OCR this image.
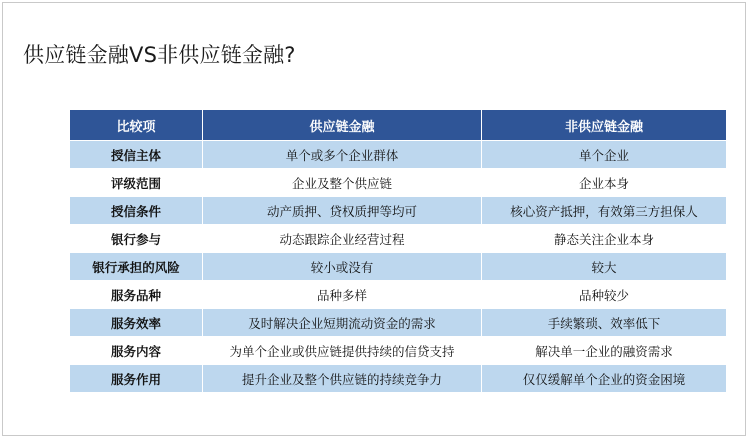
供应链金融VS非供应链金融?
比较项	供应链金融	非供应链金融
授信主体	单个或多个企业群体	单个企业
评级范围	企业及整个供应链	企业本身
授信条件	动产质押、贷权质押等均可	核心资产抵押，有效第三方担保人
银行参与	动态跟踪企业经营过程	静态关注企业本身
银行承担的风险	较小或没有	较大
服务品种	品种多样	品种较少
服务效率	及时解决企业短期流动资金的需求	手续繁琐、效率低下
服务内容	为单个企业或供应链提供持续的信贷支持	解决单一企业的融资需求
服务作用	提升企业及整个供应链的持续竞争力	仅仅缓解单个企业的资金困境
